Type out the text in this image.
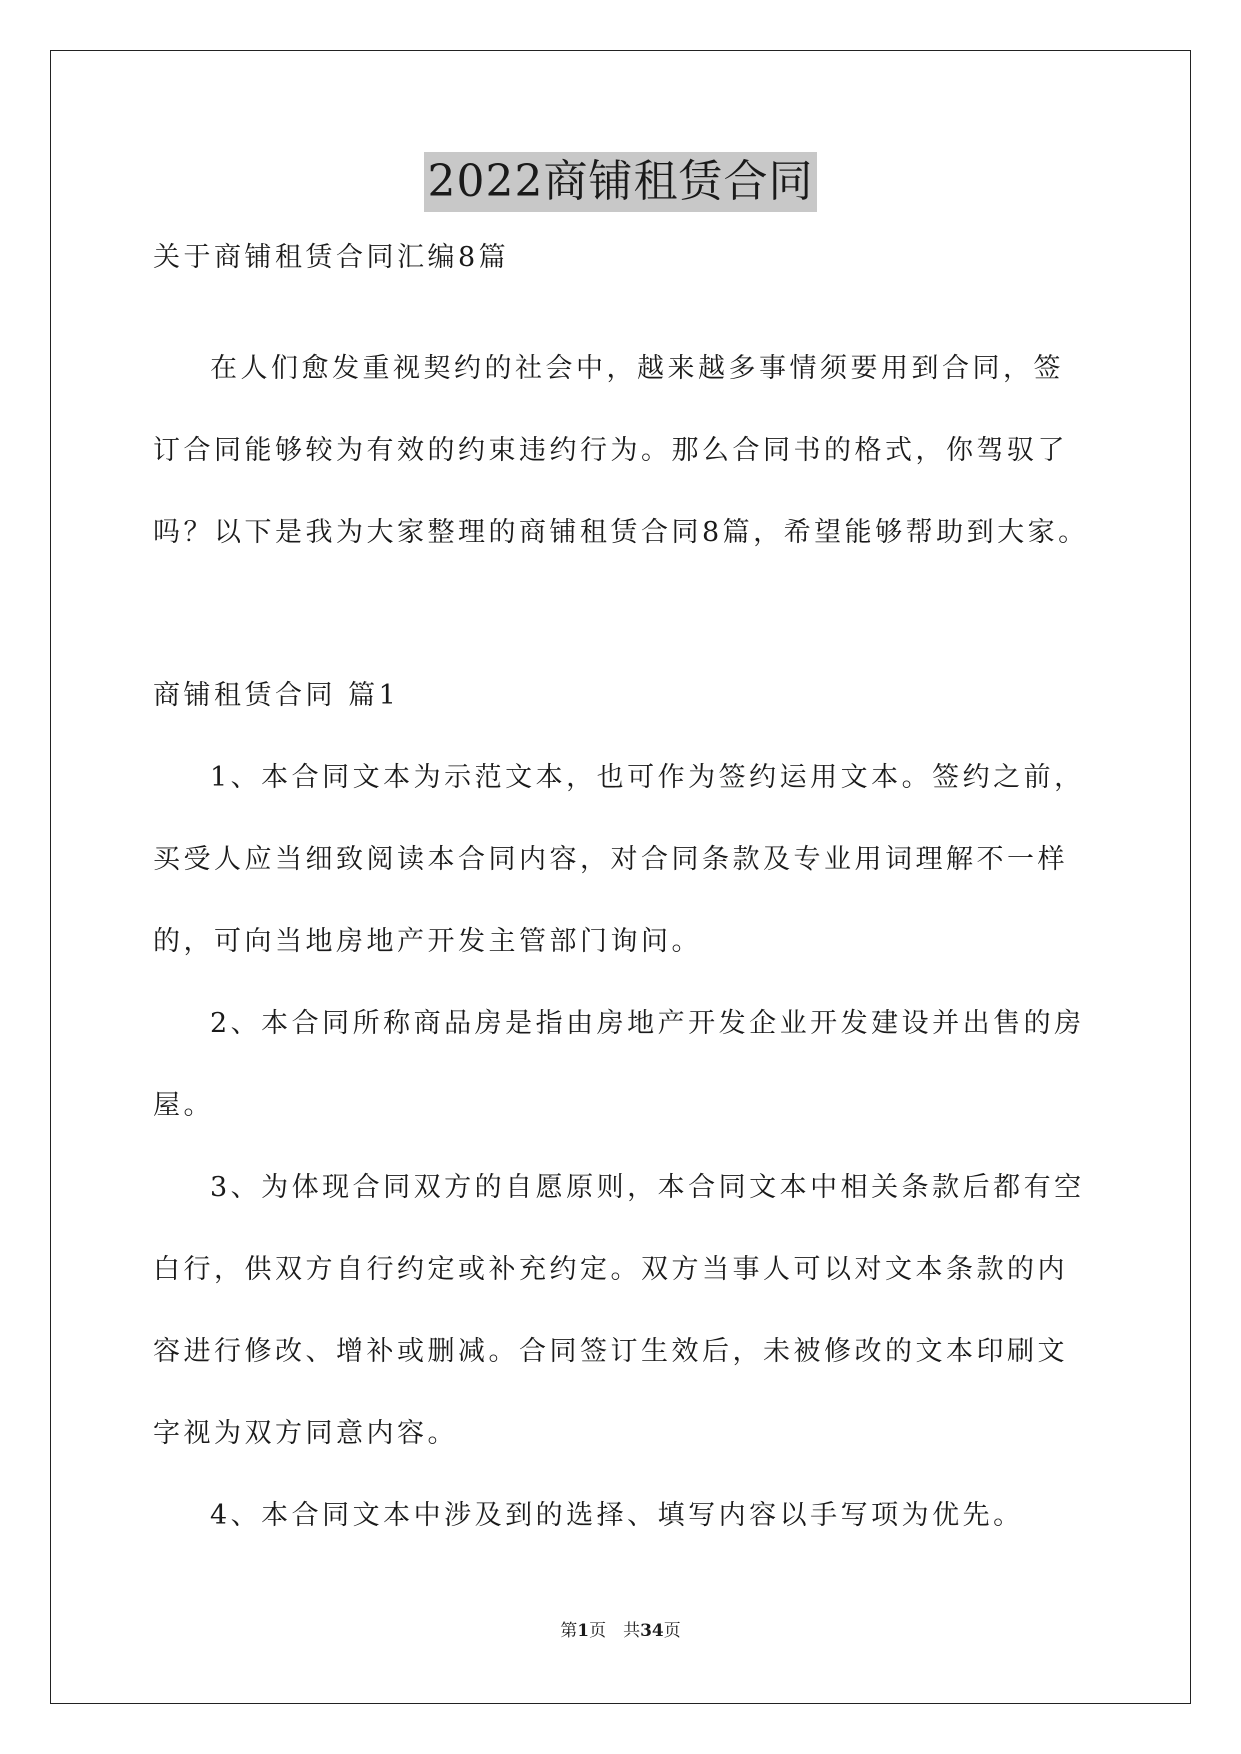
2022商铺租赁合同
关于商铺租赁合同汇编8篇
在人们愈发重视契约的社会中，越来越多事情须要用到合同，签
订合同能够较为有效的约束违约行为。那么合同书的格式，你驾驭了
吗？以下是我为大家整理的商铺租赁合同8篇，希望能够帮助到大家。
商铺租赁合同 篇1
1、本合同文本为示范文本，也可作为签约运用文本。签约之前，
买受人应当细致阅读本合同内容，对合同条款及专业用词理解不一样
的，可向当地房地产开发主管部门询问。
2、本合同所称商品房是指由房地产开发企业开发建设并出售的房
屋。
3、为体现合同双方的自愿原则，本合同文本中相关条款后都有空
白行，供双方自行约定或补充约定。双方当事人可以对文本条款的内
容进行修改、增补或删减。合同签订生效后，未被修改的文本印刷文
字视为双方同意内容。
4、本合同文本中涉及到的选择、填写内容以手写项为优先。
第1页　共34页
